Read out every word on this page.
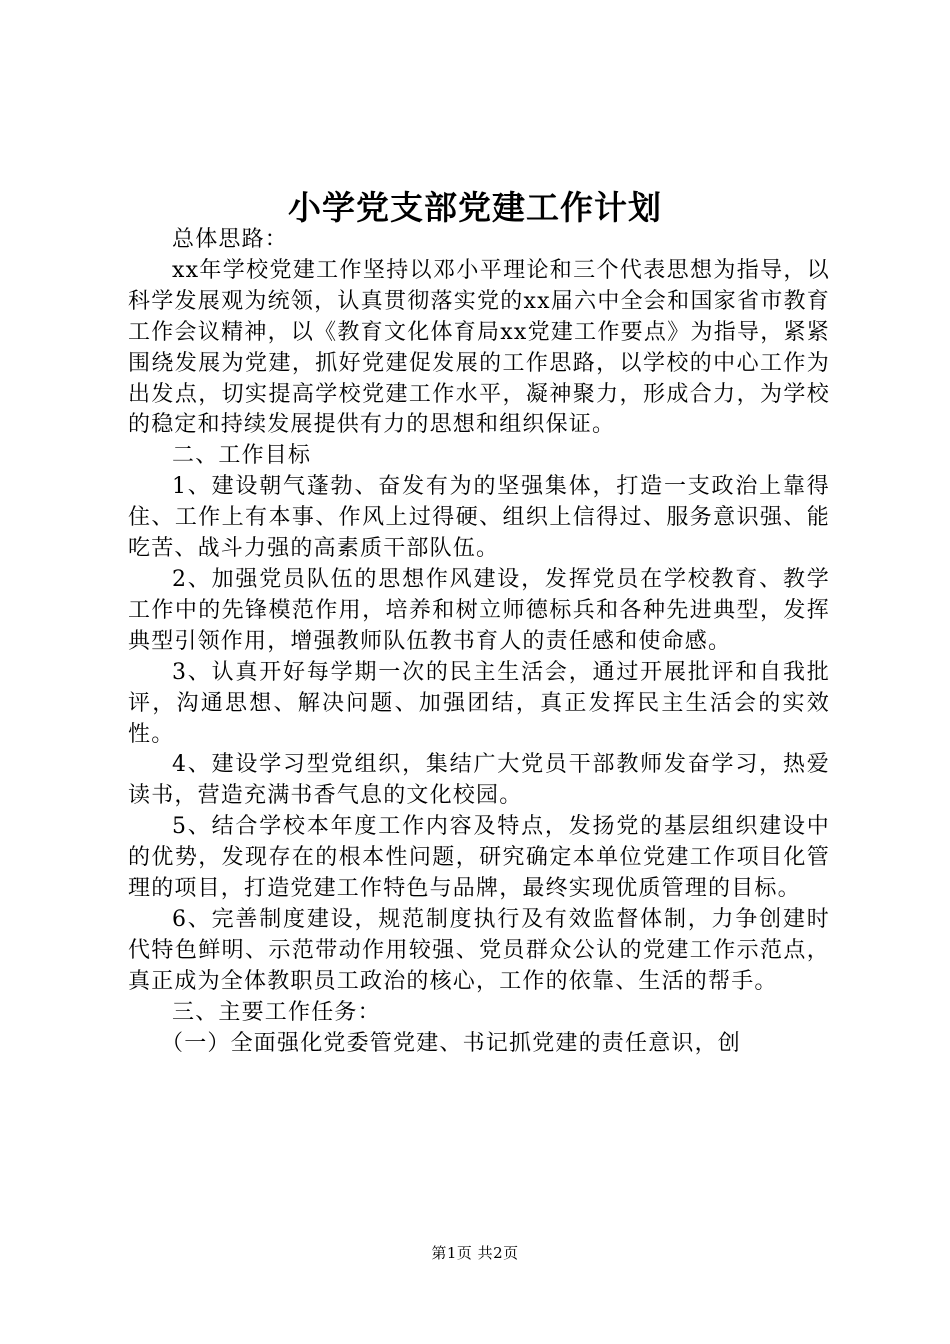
小学党支部党建工作计划

总体思路：

xx年学校党建工作坚持以邓小平理论和三个代表思想为指导，以科学发展观为统领，认真贯彻落实党的xx届六中全会和国家省市教育工作会议精神，以《教育文化体育局xx党建工作要点》为指导，紧紧围绕发展为党建，抓好党建促发展的工作思路，以学校的中心工作为出发点，切实提高学校党建工作水平，凝神聚力，形成合力，为学校的稳定和持续发展提供有力的思想和组织保证。

二、工作目标

1、建设朝气蓬勃、奋发有为的坚强集体，打造一支政治上靠得住、工作上有本事、作风上过得硬、组织上信得过、服务意识强、能吃苦、战斗力强的高素质干部队伍。

2、加强党员队伍的思想作风建设，发挥党员在学校教育、教学工作中的先锋模范作用，培养和树立师德标兵和各种先进典型，发挥典型引领作用，增强教师队伍教书育人的责任感和使命感。

3、认真开好每学期一次的民主生活会，通过开展批评和自我批评，沟通思想、解决问题、加强团结，真正发挥民主生活会的实效性。

4、建设学习型党组织，集结广大党员干部教师发奋学习，热爱读书，营造充满书香气息的文化校园。

5、结合学校本年度工作内容及特点，发扬党的基层组织建设中的优势，发现存在的根本性问题，研究确定本单位党建工作项目化管理的项目，打造党建工作特色与品牌，最终实现优质管理的目标。

6、完善制度建设，规范制度执行及有效监督体制，力争创建时代特色鲜明、示范带动作用较强、党员群众公认的党建工作示范点，真正成为全体教职员工政治的核心，工作的依靠、生活的帮手。

三、主要工作任务：

（一）全面强化党委管党建、书记抓党建的责任意识，创

第1页 共2页
